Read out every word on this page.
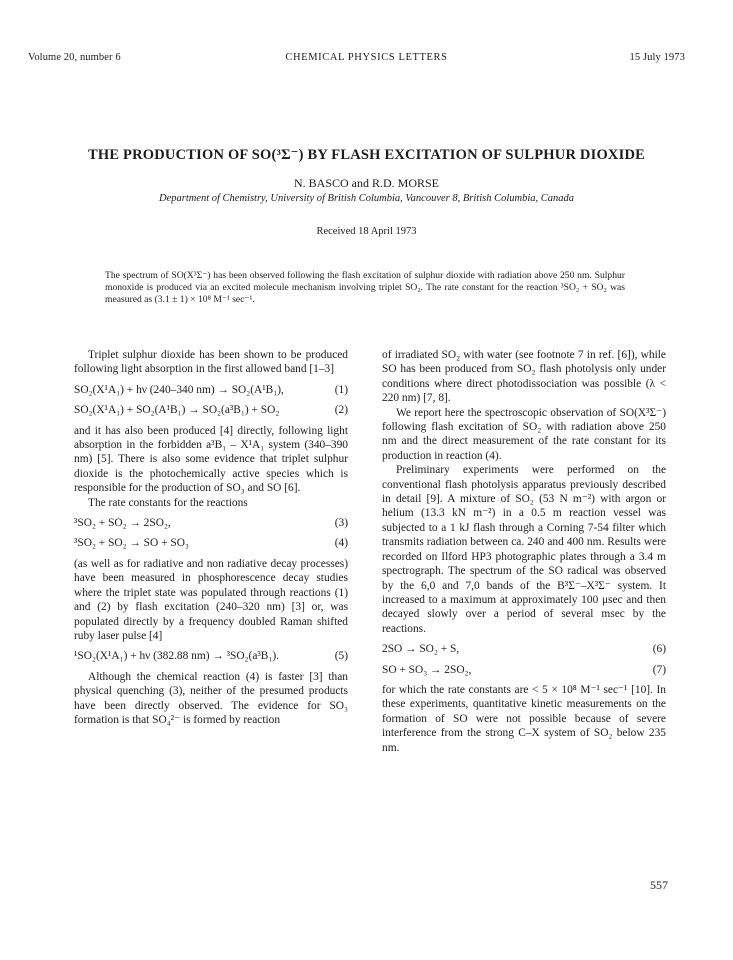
Volume 20, number 6	CHEMICAL PHYSICS LETTERS	15 July 1973
THE PRODUCTION OF SO(³Σ⁻) BY FLASH EXCITATION OF SULPHUR DIOXIDE
N. BASCO and R.D. MORSE
Department of Chemistry, University of British Columbia, Vancouver 8, British Columbia, Canada
Received 18 April 1973
The spectrum of SO(X³Σ⁻) has been observed following the flash excitation of sulphur dioxide with radiation above 250 nm. Sulphur monoxide is produced via an excited molecule mechanism involving triplet SO₂. The rate constant for the reaction ³SO₂ + SO₂ was measured as (3.1 ± 1) × 10⁸ M⁻¹ sec⁻¹.

Triplet sulphur dioxide has been shown to be produced following light absorption in the first allowed band [1–3]

SO₂(X¹A₁) + hν (240–340 nm) → SO₂(A¹B₁),	(1)
SO₂(X¹A₁) + SO₂(A¹B₁) → SO₂(a³B₁) + SO₂	(2)

and it has also been produced [4] directly, following light absorption in the forbidden a³B₁ – X¹A₁ system (340–390 nm) [5]. There is also some evidence that triplet sulphur dioxide is the photochemically active species which is responsible for the production of SO₃ and SO [6].

The rate constants for the reactions

³SO₂ + SO₂ → 2SO₂,	(3)
³SO₂ + SO₂ → SO + SO₃	(4)

(as well as for radiative and non radiative decay processes) have been measured in phosphorescence decay studies where the triplet state was populated through reactions (1) and (2) by flash excitation (240–320 nm) [3] or, was populated directly by a frequency doubled Raman shifted ruby laser pulse [4]

¹SO₂(X¹A₁) + hν (382.88 nm) → ³SO₂(a³B₁).	(5)

Although the chemical reaction (4) is faster [3] than physical quenching (3), neither of the presumed products have been directly observed. The evidence for SO₃ formation is that SO₄²⁻ is formed by reaction

of irradiated SO₂ with water (see footnote 7 in ref. [6]), while SO has been produced from SO₂ flash photolysis only under conditions where direct photodissociation was possible (λ < 220 nm) [7, 8].

We report here the spectroscopic observation of SO(X³Σ⁻) following flash excitation of SO₂ with radiation above 250 nm and the direct measurement of the rate constant for its production in reaction (4).

Preliminary experiments were performed on the conventional flash photolysis apparatus previously described in detail [9]. A mixture of SO₂ (53 N m⁻²) with argon or helium (13.3 kN m⁻²) in a 0.5 m reaction vessel was subjected to a 1 kJ flash through a Corning 7-54 filter which transmits radiation between ca. 240 and 400 nm. Results were recorded on Ilford HP3 photographic plates through a 3.4 m spectrograph. The spectrum of the SO radical was observed by the 6,0 and 7,0 bands of the B³Σ⁻–X³Σ⁻ system. It increased to a maximum at approximately 100 μsec and then decayed slowly over a period of several msec by the reactions.

2SO → SO₂ + S,	(6)
SO + SO₃ → 2SO₂,	(7)

for which the rate constants are < 5 × 10⁸ M⁻¹ sec⁻¹ [10]. In these experiments, quantitative kinetic measurements on the formation of SO were not possible because of severe interference from the strong C–X system of SO₂ below 235 nm.

557
